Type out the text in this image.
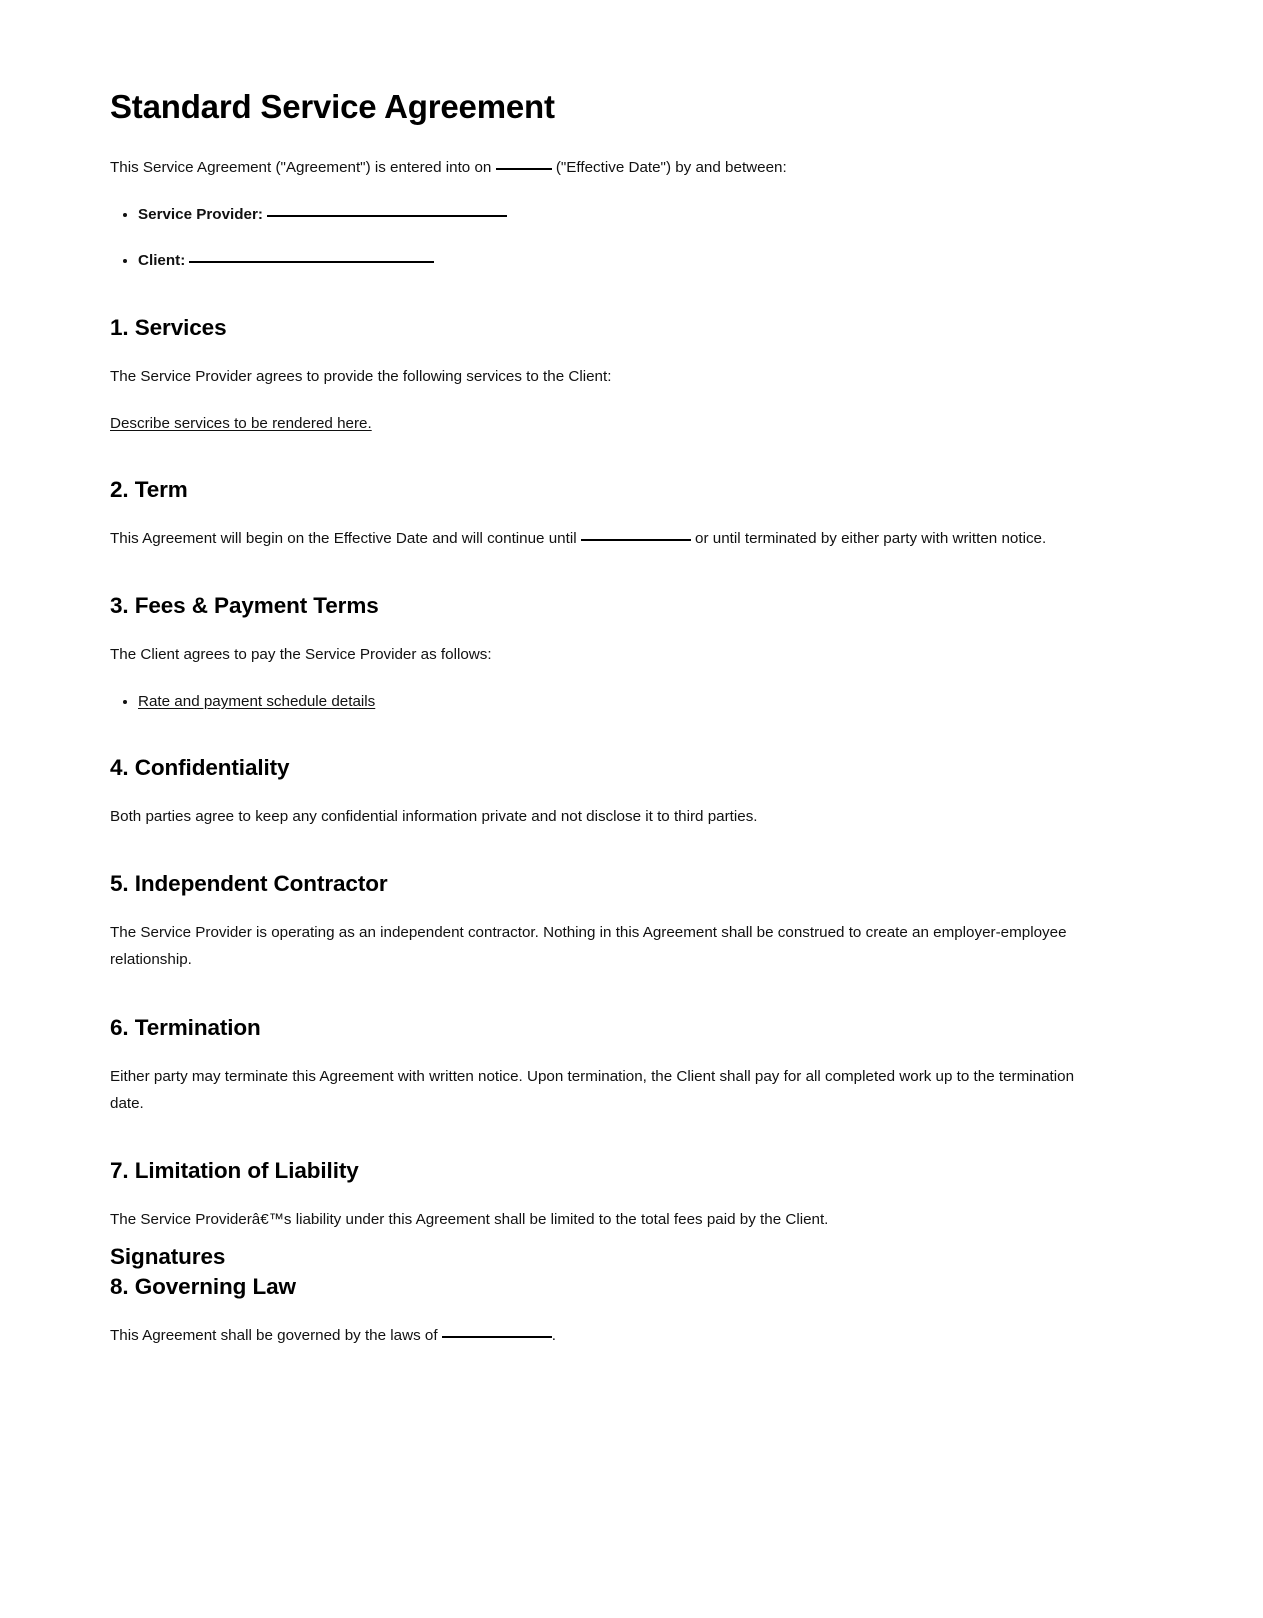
Standard Service Agreement

This Service Agreement ("Agreement") is entered into on	("Effective Date") by and between:

• Service Provider:
• Client:
1. Services

The Service Provider agrees to provide the following services to the Client:

Describe services to be rendered here.

2. Term

This Agreement will begin on the Effective Date and will continue until	or until terminated by either party with written notice.

3. Fees & Payment Terms

The Client agrees to pay the Service Provider as follows:

• Rate and payment schedule details
4. Confidentiality

Both parties agree to keep any confidential information private and not disclose it to third parties.

5. Independent Contractor

The Service Provider is operating as an independent contractor. Nothing in this Agreement shall be construed to create an employer-employee relationship.

6. Termination

Either party may terminate this Agreement with written notice. Upon termination, the Client shall pay for all completed work up to the termination date.

7. Limitation of Liability

The Service Providerâ€™s liability under this Agreement shall be limited to the total fees paid by the Client.

8. Governing Law

This Agreement shall be governed by the laws of	.

Signatures
